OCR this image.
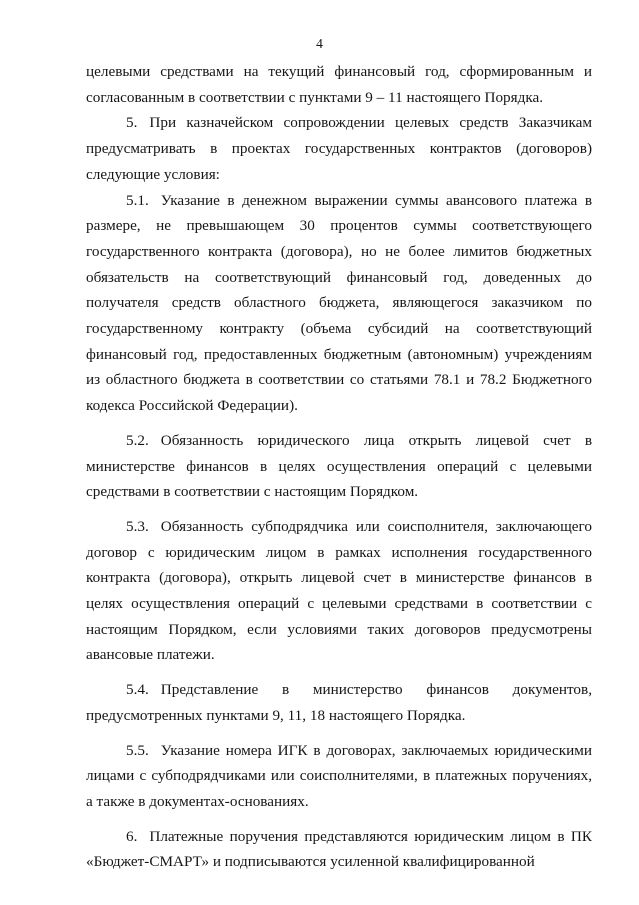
4

целевыми средствами на текущий финансовый год, сформированным и согласованным в соответствии с пунктами 9 – 11 настоящего Порядка.

5. При казначейском сопровождении целевых средств Заказчикам предусматривать в проектах государственных контрактов (договоров) следующие условия:

5.1. Указание в денежном выражении суммы авансового платежа в размере, не превышающем 30 процентов суммы соответствующего государственного контракта (договора), но не более лимитов бюджетных обязательств на соответствующий финансовый год, доведенных до получателя средств областного бюджета, являющегося заказчиком по государственному контракту (объема субсидий на соответствующий финансовый год, предоставленных бюджетным (автономным) учреждениям из областного бюджета в соответствии со статьями 78.1 и 78.2 Бюджетного кодекса Российской Федерации).

5.2. Обязанность юридического лица открыть лицевой счет в министерстве финансов в целях осуществления операций с целевыми средствами в соответствии с настоящим Порядком.

5.3. Обязанность субподрядчика или соисполнителя, заключающего договор с юридическим лицом в рамках исполнения государственного контракта (договора), открыть лицевой счет в министерстве финансов в целях осуществления операций с целевыми средствами в соответствии с настоящим Порядком, если условиями таких договоров предусмотрены авансовые платежи.

5.4. Представление в министерство финансов документов, предусмотренных пунктами 9, 11, 18 настоящего Порядка.

5.5. Указание номера ИГК в договорах, заключаемых юридическими лицами с субподрядчиками или соисполнителями, в платежных поручениях, а также в документах-основаниях.

6. Платежные поручения представляются юридическим лицом в ПК «Бюджет-СМАРТ» и подписываются усиленной квалифицированной
